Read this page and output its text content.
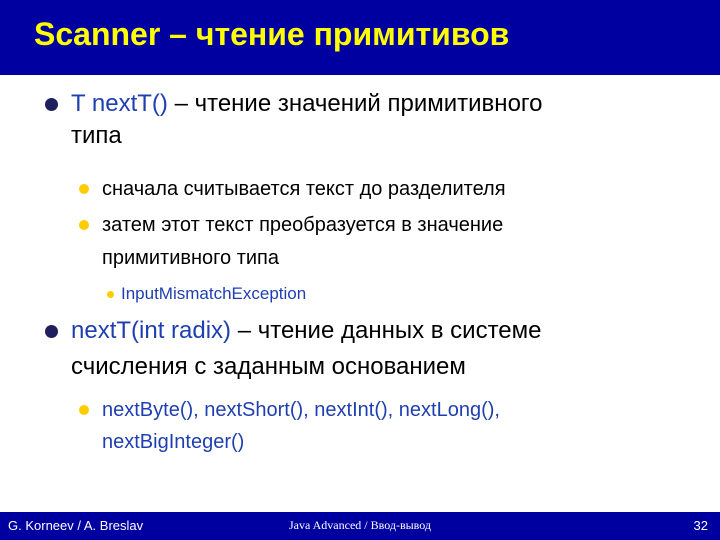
Scanner – чтение примитивов

T nextT() – чтение значений примитивного

типа

сначала считывается текст до разделителя

затем этот текст преобразуется в значение

примитивного типа

InputMismatchException

nextT(int radix) – чтение данных в системе

счисления с заданным основанием

nextByte(), nextShort(), nextInt(), nextLong(),

nextBigInteger()

G. Korneev / A. Breslav	Java Advanced / Ввод-вывод	32
